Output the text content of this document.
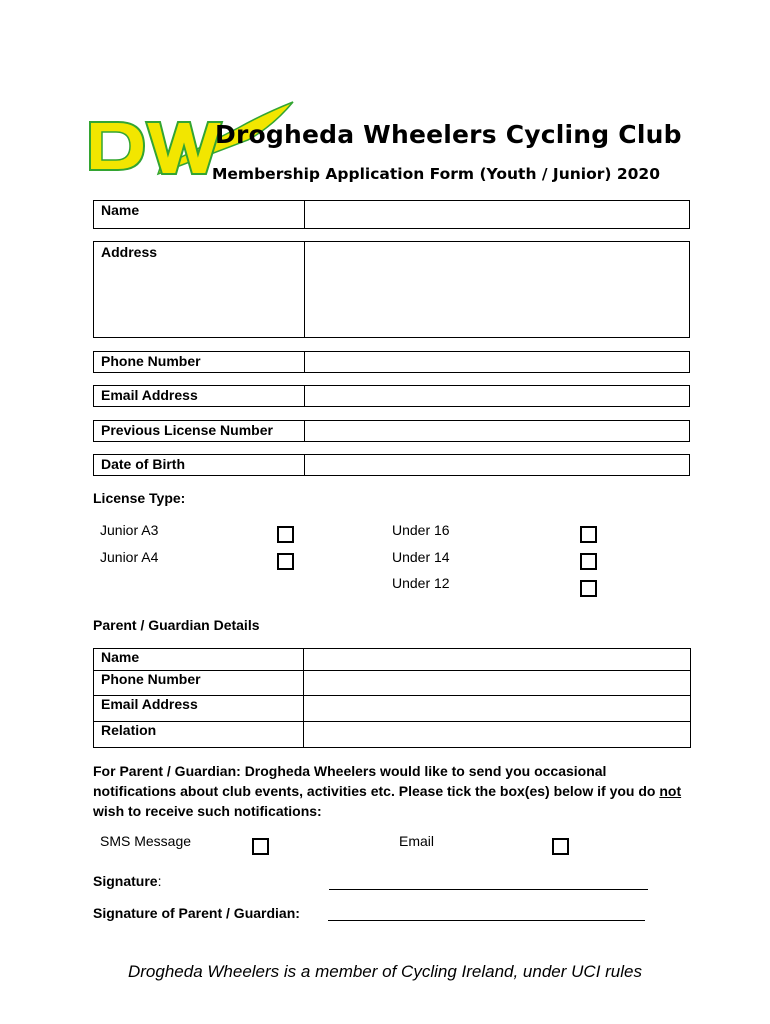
Drogheda Wheelers Cycling Club
Membership Application Form (Youth / Junior) 2020
Name
Address
Phone Number
Email Address
Previous License Number
Date of Birth
License Type:
Junior A3
Junior A4
Under 16
Under 14
Under 12
Parent / Guardian Details
Name	
Phone Number	
Email Address	
Relation	
For Parent / Guardian: Drogheda Wheelers would like to send you occasional notifications about club events, activities etc. Please tick the box(es) below if you do not wish to receive such notifications:
SMS Message	Email
Signature:
Signature of Parent / Guardian:
Drogheda Wheelers is a member of Cycling Ireland, under UCI rules
